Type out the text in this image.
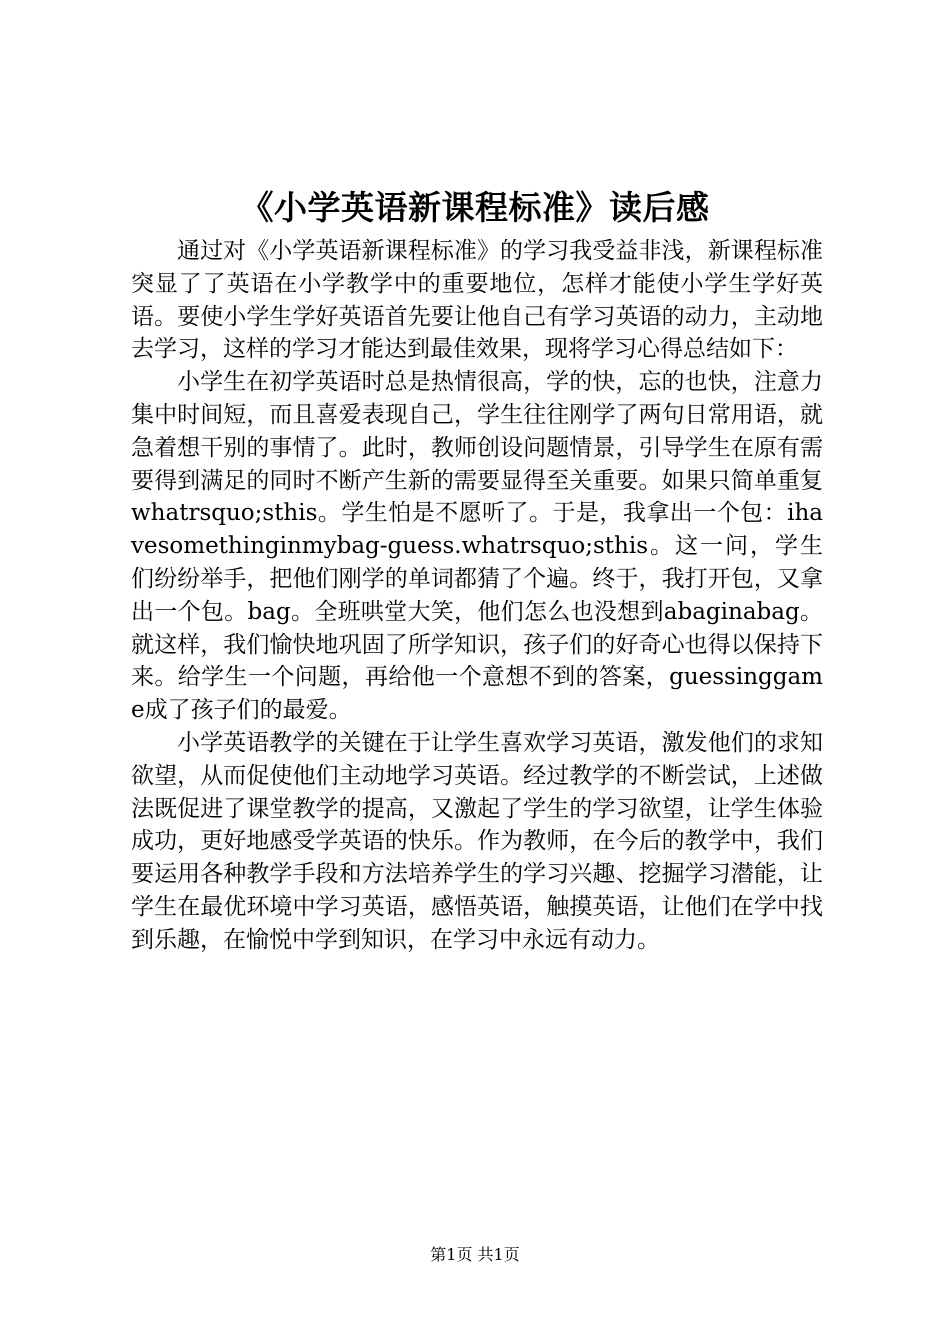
《小学英语新课程标准》读后感

通过对《小学英语新课程标准》的学习我受益非浅，新课程标准突显了了英语在小学教学中的重要地位，怎样才能使小学生学好英语。要使小学生学好英语首先要让他自己有学习英语的动力，主动地去学习，这样的学习才能达到最佳效果，现将学习心得总结如下：

小学生在初学英语时总是热情很高，学的快，忘的也快，注意力集中时间短，而且喜爱表现自己，学生往往刚学了两句日常用语，就急着想干别的事情了。此时，教师创设问题情景，引导学生在原有需要得到满足的同时不断产生新的需要显得至关重要。如果只简单重复whatrsquo;sthis。学生怕是不愿听了。于是，我拿出一个包：ihavesomethinginmybag-guess.whatrsquo;sthis。这一问，学生们纷纷举手，把他们刚学的单词都猜了个遍。终于，我打开包，又拿出一个包。bag。全班哄堂大笑，他们怎么也没想到abaginabag。就这样，我们愉快地巩固了所学知识，孩子们的好奇心也得以保持下来。给学生一个问题，再给他一个意想不到的答案，guessinggame成了孩子们的最爱。

小学英语教学的关键在于让学生喜欢学习英语，激发他们的求知欲望，从而促使他们主动地学习英语。经过教学的不断尝试，上述做法既促进了课堂教学的提高，又激起了学生的学习欲望，让学生体验成功，更好地感受学英语的快乐。作为教师，在今后的教学中，我们要运用各种教学手段和方法培养学生的学习兴趣、挖掘学习潜能，让学生在最优环境中学习英语，感悟英语，触摸英语，让他们在学中找到乐趣，在愉悦中学到知识，在学习中永远有动力。

第1页 共1页
